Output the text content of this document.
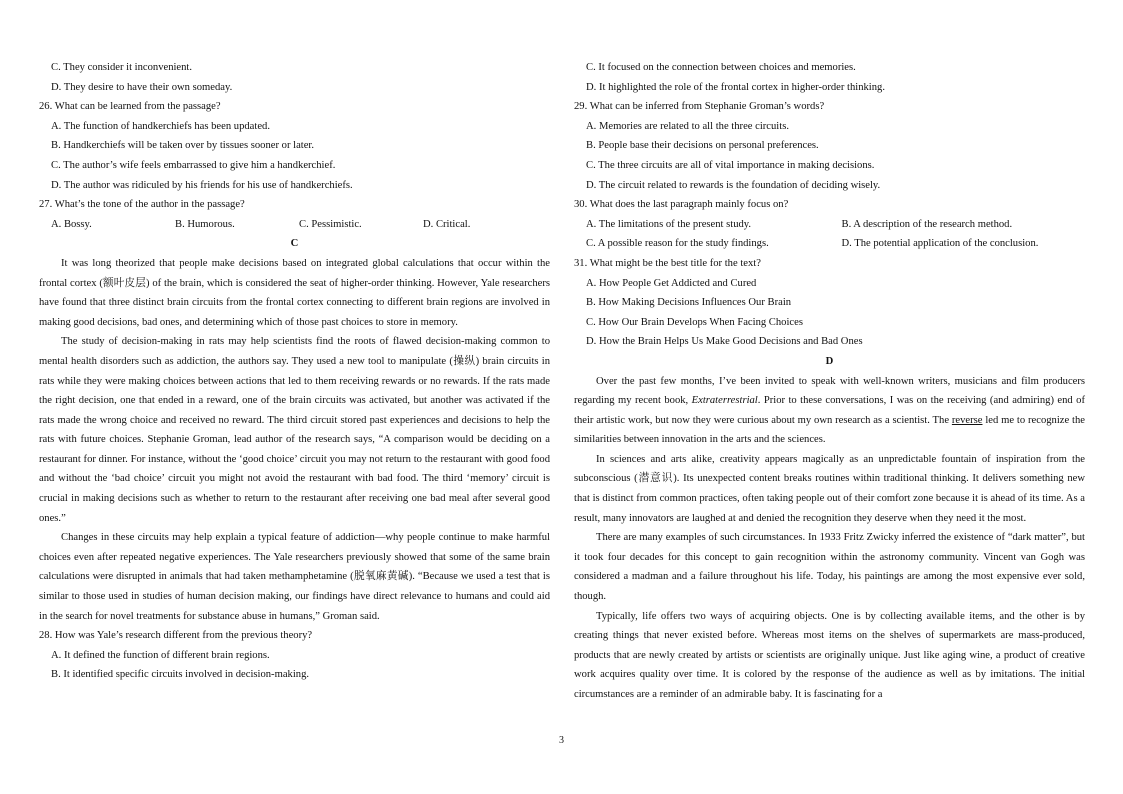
C. They consider it inconvenient.
D. They desire to have their own someday.
26. What can be learned from the passage?
A. The function of handkerchiefs has been updated.
B. Handkerchiefs will be taken over by tissues sooner or later.
C. The author’s wife feels embarrassed to give him a handkerchief.
D. The author was ridiculed by his friends for his use of handkerchiefs.
27. What’s the tone of the author in the passage?
A. Bossy.	B. Humorous.	C. Pessimistic.	D. Critical.
C

It was long theorized that people make decisions based on integrated global calculations that occur within the frontal cortex (额叶皮层) of the brain, which is considered the seat of higher-order thinking. However, Yale researchers have found that three distinct brain circuits from the frontal cortex connecting to different brain regions are involved in making good decisions, bad ones, and determining which of those past choices to store in memory.

The study of decision-making in rats may help scientists find the roots of flawed decision-making common to mental health disorders such as addiction, the authors say. They used a new tool to manipulate (操纵) brain circuits in rats while they were making choices between actions that led to them receiving rewards or no rewards. If the rats made the right decision, one that ended in a reward, one of the brain circuits was activated, but another was activated if the rats made the wrong choice and received no reward. The third circuit stored past experiences and decisions to help the rats with future choices. Stephanie Groman, lead author of the research says, “A comparison would be deciding on a restaurant for dinner. For instance, without the ‘good choice’ circuit you may not return to the restaurant with good food and without the ‘bad choice’ circuit you might not avoid the restaurant with bad food. The third ‘memory’ circuit is crucial in making decisions such as whether to return to the restaurant after receiving one bad meal after several good ones.”

Changes in these circuits may help explain a typical feature of addiction—why people continue to make harmful choices even after repeated negative experiences. The Yale researchers previously showed that some of the same brain calculations were disrupted in animals that had taken methamphetamine (脱氧麻黄碱). “Because we used a test that is similar to those used in studies of human decision making, our findings have direct relevance to humans and could aid in the search for novel treatments for substance abuse in humans,” Groman said.

28. How was Yale’s research different from the previous theory?
A. It defined the function of different brain regions.
B. It identified specific circuits involved in decision-making.
C. It focused on the connection between choices and memories.
D. It highlighted the role of the frontal cortex in higher-order thinking.
29. What can be inferred from Stephanie Groman’s words?
A. Memories are related to all the three circuits.
B. People base their decisions on personal preferences.
C. The three circuits are all of vital importance in making decisions.
D. The circuit related to rewards is the foundation of deciding wisely.
30. What does the last paragraph mainly focus on?
A. The limitations of the present study.	B. A description of the research method.
C. A possible reason for the study findings.	D. The potential application of the conclusion.
31. What might be the best title for the text?
A. How People Get Addicted and Cured
B. How Making Decisions Influences Our Brain
C. How Our Brain Develops When Facing Choices
D. How the Brain Helps Us Make Good Decisions and Bad Ones
D

Over the past few months, I’ve been invited to speak with well-known writers, musicians and film producers regarding my recent book, Extraterrestrial. Prior to these conversations, I was on the receiving (and admiring) end of their artistic work, but now they were curious about my own research as a scientist. The reverse led me to recognize the similarities between innovation in the arts and the sciences.

In sciences and arts alike, creativity appears magically as an unpredictable fountain of inspiration from the subconscious (潜意识). Its unexpected content breaks routines within traditional thinking. It delivers something new that is distinct from common practices, often taking people out of their comfort zone because it is ahead of its time. As a result, many innovators are laughed at and denied the recognition they deserve when they need it the most.

There are many examples of such circumstances. In 1933 Fritz Zwicky inferred the existence of “dark matter”, but it took four decades for this concept to gain recognition within the astronomy community. Vincent van Gogh was considered a madman and a failure throughout his life. Today, his paintings are among the most expensive ever sold, though.

Typically, life offers two ways of acquiring objects. One is by collecting available items, and the other is by creating things that never existed before. Whereas most items on the shelves of supermarkets are mass-produced, products that are newly created by artists or scientists are originally unique. Just like aging wine, a product of creative work acquires quality over time. It is colored by the response of the audience as well as by imitations. The initial circumstances are a reminder of an admirable baby. It is fascinating for a

3
